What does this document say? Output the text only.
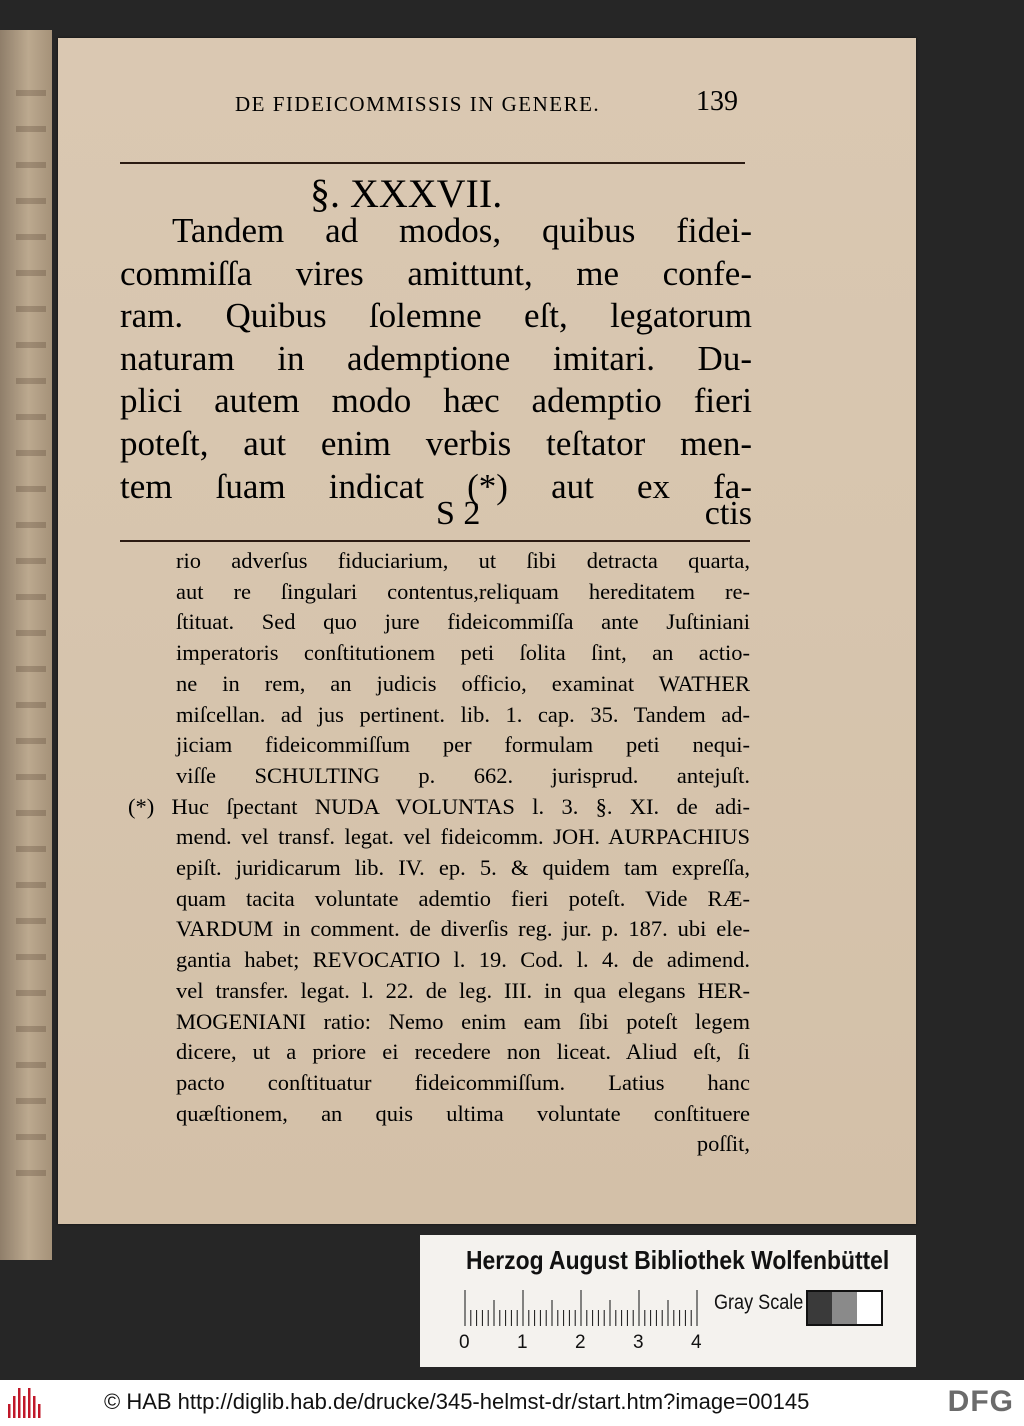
DE FIDEICOMMISSIS IN GENERE.	139
§. XXXVII.
Tandem ad modos, quibus fidei-
commiſſa vires amittunt, me confe-
ram. Quibus ſolemne eſt, legatorum
naturam in ademptione imitari. Du-
plici autem modo hæc ademptio fieri
poteſt, aut enim verbis teſtator men-
tem ſuam indicat (*) aut ex fa-
S 2	ctis
rio adverſus fiduciarium, ut ſibi detracta quarta,
aut re ſingulari contentus,reliquam hereditatem re-
ſtituat. Sed quo jure fideicommiſſa ante Juſtiniani
imperatoris conſtitutionem peti ſolita ſint, an actio-
ne in rem, an judicis officio, examinat WATHER
miſcellan. ad jus pertinent. lib. 1. cap. 35. Tandem ad-
jiciam fideicommiſſum per formulam peti nequi-
viſſe SCHULTING p. 662. jurisprud. antejuſt.
(*) Huc ſpectant NUDA VOLUNTAS l. 3. §. XI. de adi-
mend. vel transf. legat. vel fideicomm. JOH. AURPACHIUS
epiſt. juridicarum lib. IV. ep. 5. & quidem tam expreſſa,
quam tacita voluntate ademtio fieri poteſt. Vide RÆ-
VARDUM in comment. de diverſis reg. jur. p. 187. ubi ele-
gantia habet; REVOCATIO l. 19. Cod. l. 4. de adimend.
vel transfer. legat. l. 22. de leg. III. in qua elegans HER-
MOGENIANI ratio: Nemo enim eam ſibi poteſt legem
dicere, ut a priore ei recedere non liceat. Aliud eſt, ſi
pacto conſtituatur fideicommiſſum. Latius hanc
quæſtionem, an quis ultima voluntate conſtituere
poſſit,
Herzog August Bibliothek Wolfenbüttel
0 1 2 3 4
Gray Scale
© HAB http://diglib.hab.de/drucke/345-helmst-dr/start.htm?image=00145	DFG
